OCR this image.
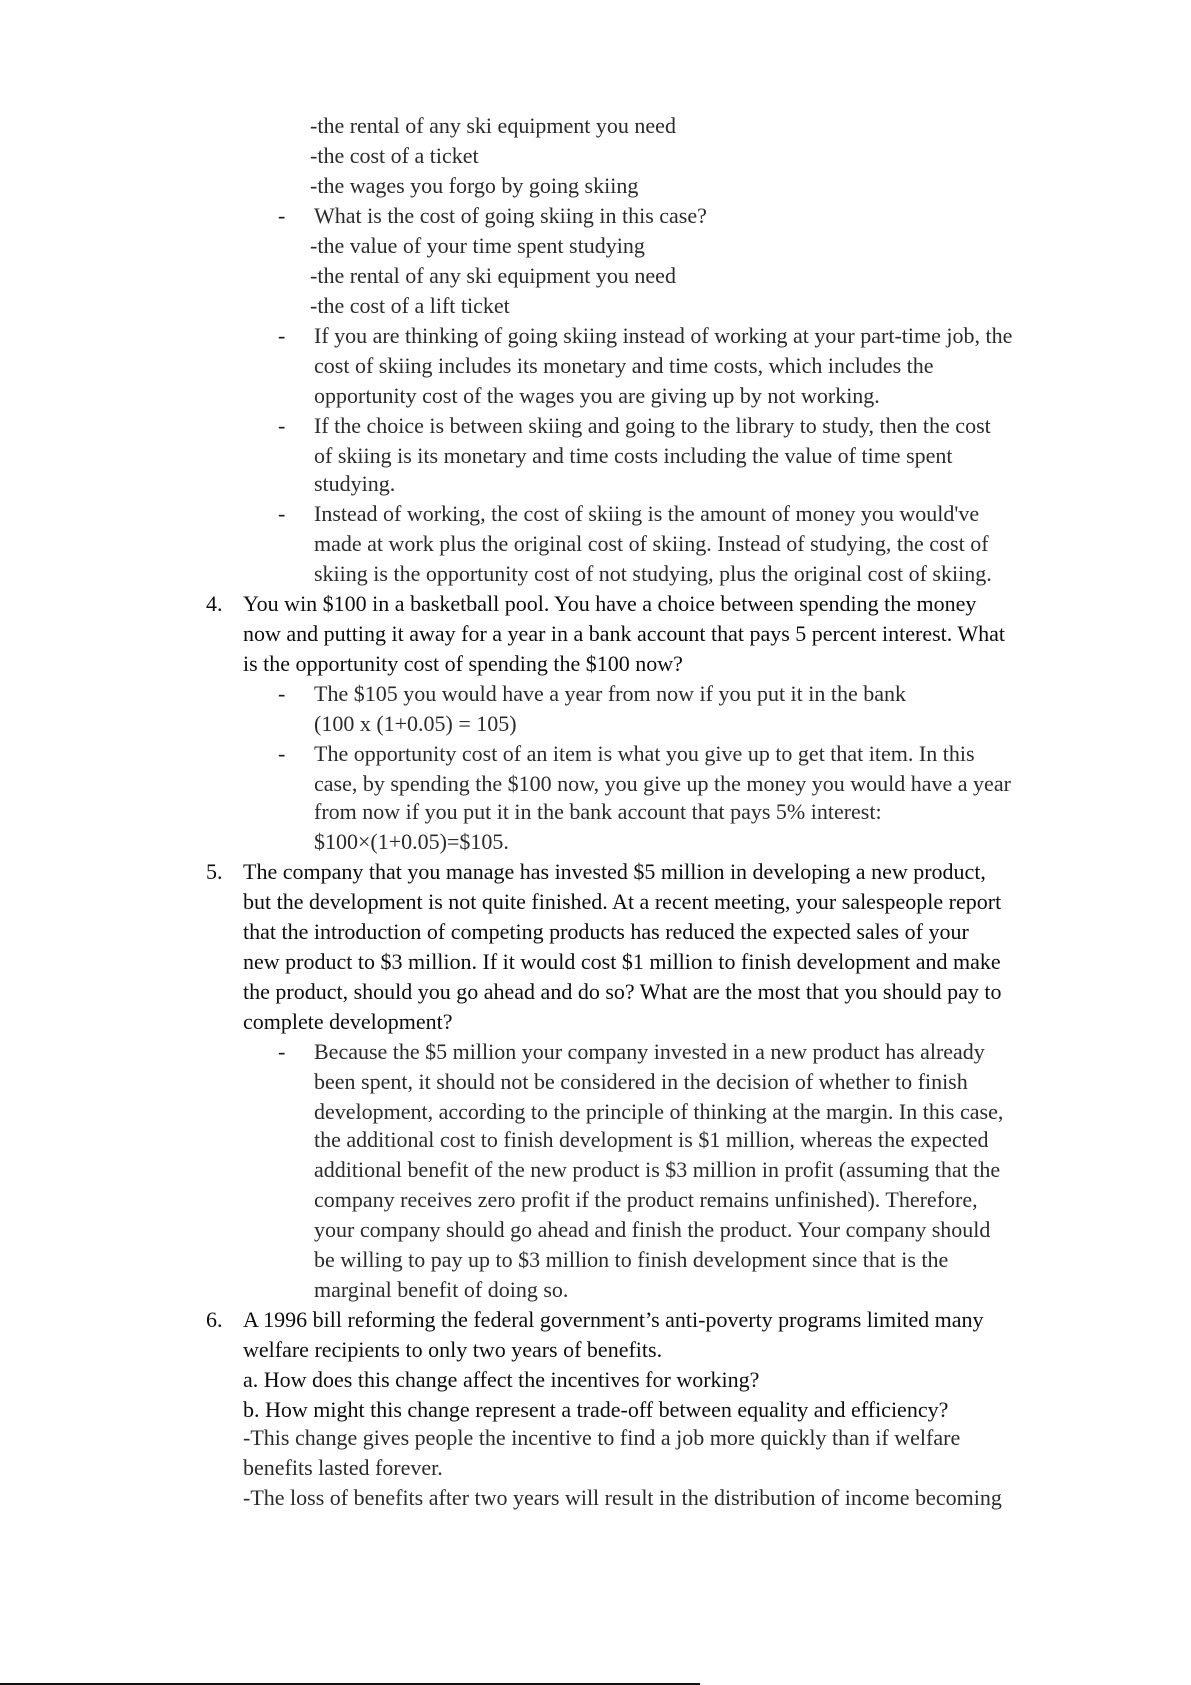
-the rental of any ski equipment you need
-the cost of a ticket
-the wages you forgo by going skiing
- What is the cost of going skiing in this case?
-the value of your time spent studying
-the rental of any ski equipment you need
-the cost of a lift ticket
- If you are thinking of going skiing instead of working at your part-time job, the
cost of skiing includes its monetary and time costs, which includes the
opportunity cost of the wages you are giving up by not working.
- If the choice is between skiing and going to the library to study, then the cost
of skiing is its monetary and time costs including the value of time spent
studying.
- Instead of working, the cost of skiing is the amount of money you would've
made at work plus the original cost of skiing. Instead of studying, the cost of
skiing is the opportunity cost of not studying, plus the original cost of skiing.
4. You win $100 in a basketball pool. You have a choice between spending the money
now and putting it away for a year in a bank account that pays 5 percent interest. What
is the opportunity cost of spending the $100 now?
- The $105 you would have a year from now if you put it in the bank
(100 x (1+0.05) = 105)
- The opportunity cost of an item is what you give up to get that item. In this
case, by spending the $100 now, you give up the money you would have a year
from now if you put it in the bank account that pays 5% interest:
$100×(1+0.05)=$105.
5. The company that you manage has invested $5 million in developing a new product,
but the development is not quite finished. At a recent meeting, your salespeople report
that the introduction of competing products has reduced the expected sales of your
new product to $3 million. If it would cost $1 million to finish development and make
the product, should you go ahead and do so? What are the most that you should pay to
complete development?
- Because the $5 million your company invested in a new product has already
been spent, it should not be considered in the decision of whether to finish
development, according to the principle of thinking at the margin. In this case,
the additional cost to finish development is $1 million, whereas the expected
additional benefit of the new product is $3 million in profit (assuming that the
company receives zero profit if the product remains unfinished). Therefore,
your company should go ahead and finish the product. Your company should
be willing to pay up to $3 million to finish development since that is the
marginal benefit of doing so.
6. A 1996 bill reforming the federal government’s anti-poverty programs limited many
welfare recipients to only two years of benefits.
a. How does this change affect the incentives for working?
b. How might this change represent a trade-off between equality and efficiency?
-This change gives people the incentive to find a job more quickly than if welfare
benefits lasted forever.
-The loss of benefits after two years will result in the distribution of income becoming
